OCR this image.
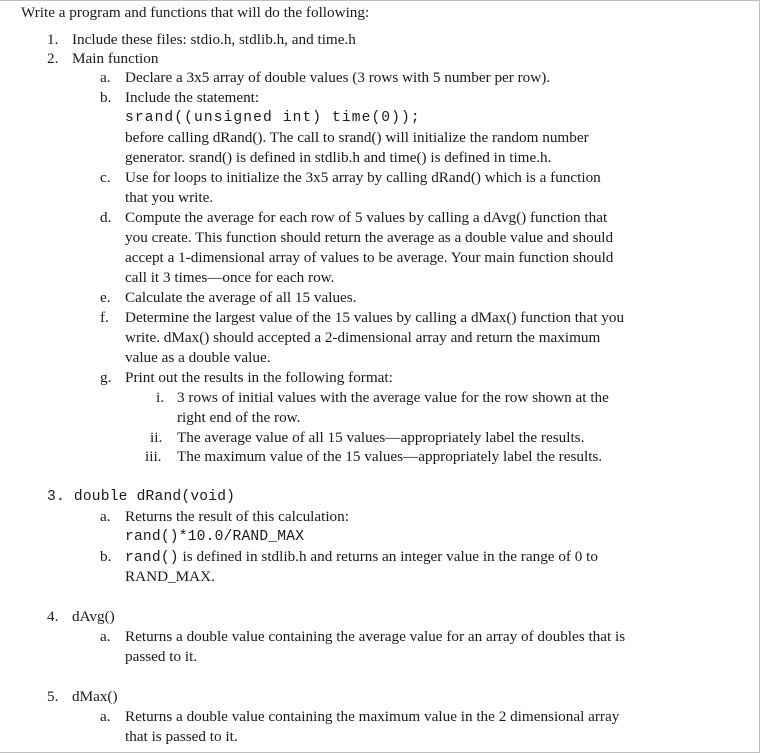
Write a program and functions that will do the following:
1. Include these files: stdio.h, stdlib.h, and time.h
2. Main function
a. Declare a 3x5 array of double values (3 rows with 5 number per row).
b. Include the statement:
srand((unsigned int) time(0));
before calling dRand(). The call to srand() will initialize the random number
generator. srand() is defined in stdlib.h and time() is defined in time.h.
c. Use for loops to initialize the 3x5 array by calling dRand() which is a function
that you write.
d. Compute the average for each row of 5 values by calling a dAvg() function that
you create. This function should return the average as a double value and should
accept a 1-dimensional array of values to be average. Your main function should
call it 3 times—once for each row.
e. Calculate the average of all 15 values.
f. Determine the largest value of the 15 values by calling a dMax() function that you
write. dMax() should accepted a 2-dimensional array and return the maximum
value as a double value.
g. Print out the results in the following format:
i. 3 rows of initial values with the average value for the row shown at the
right end of the row.
ii. The average value of all 15 values—appropriately label the results.
iii. The maximum value of the 15 values—appropriately label the results.
3. double dRand(void)
a. Returns the result of this calculation:
rand()*10.0/RAND_MAX
b. rand() is defined in stdlib.h and returns an integer value in the range of 0 to
RAND_MAX.
4. dAvg()
a. Returns a double value containing the average value for an array of doubles that is
passed to it.
5. dMax()
a. Returns a double value containing the maximum value in the 2 dimensional array
that is passed to it.
